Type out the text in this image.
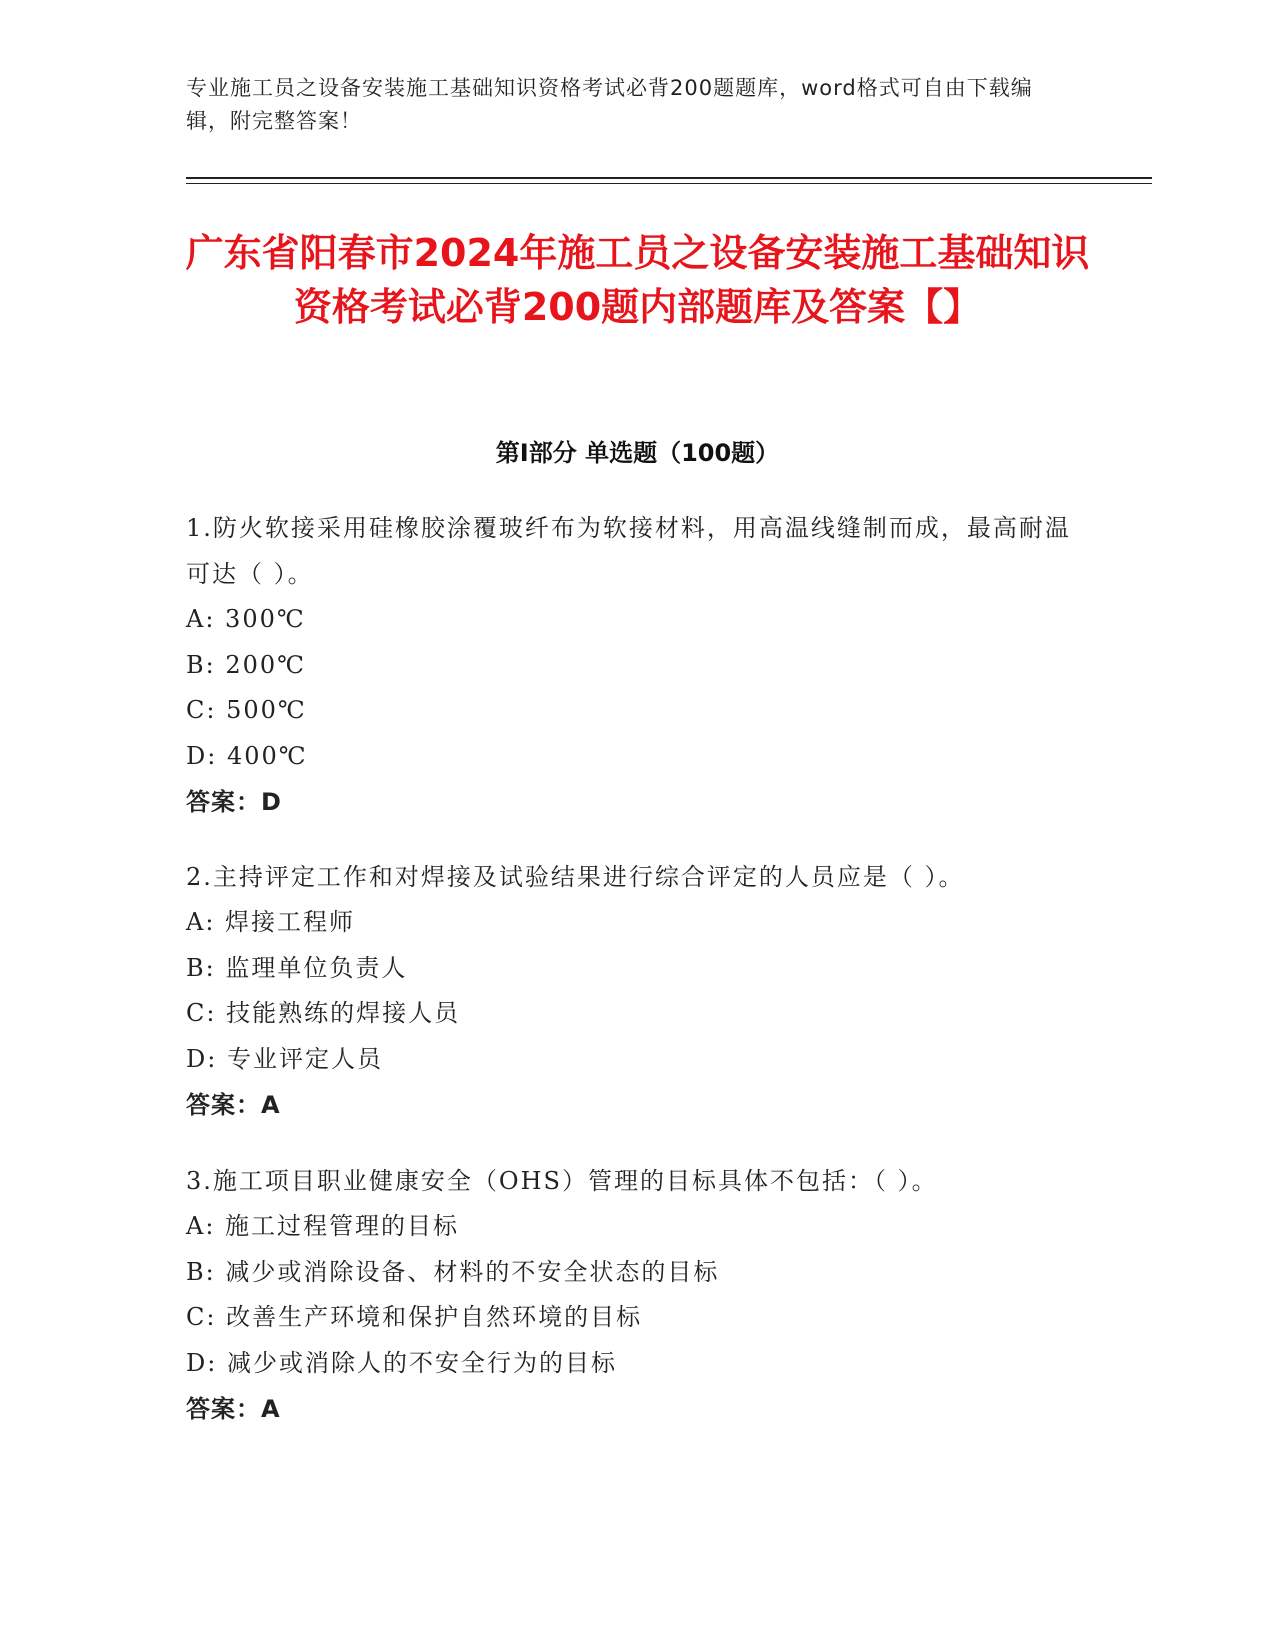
专业施工员之设备安装施工基础知识资格考试必背200题题库，word格式可自由下载编辑，附完整答案！
广东省阳春市2024年施工员之设备安装施工基础知识资格考试必背200题内部题库及答案【】
第I部分 单选题（100题）
1.防火软接采用硅橡胶涂覆玻纤布为软接材料，用高温线缝制而成，最高耐温可达（ ）。
A: 300℃
B: 200℃
C: 500℃
D: 400℃
答案：D
2.主持评定工作和对焊接及试验结果进行综合评定的人员应是（ ）。
A: 焊接工程师
B: 监理单位负责人
C: 技能熟练的焊接人员
D: 专业评定人员
答案：A
3.施工项目职业健康安全（OHS）管理的目标具体不包括：（ ）。
A: 施工过程管理的目标
B: 减少或消除设备、材料的不安全状态的目标
C: 改善生产环境和保护自然环境的目标
D: 减少或消除人的不安全行为的目标
答案：A
